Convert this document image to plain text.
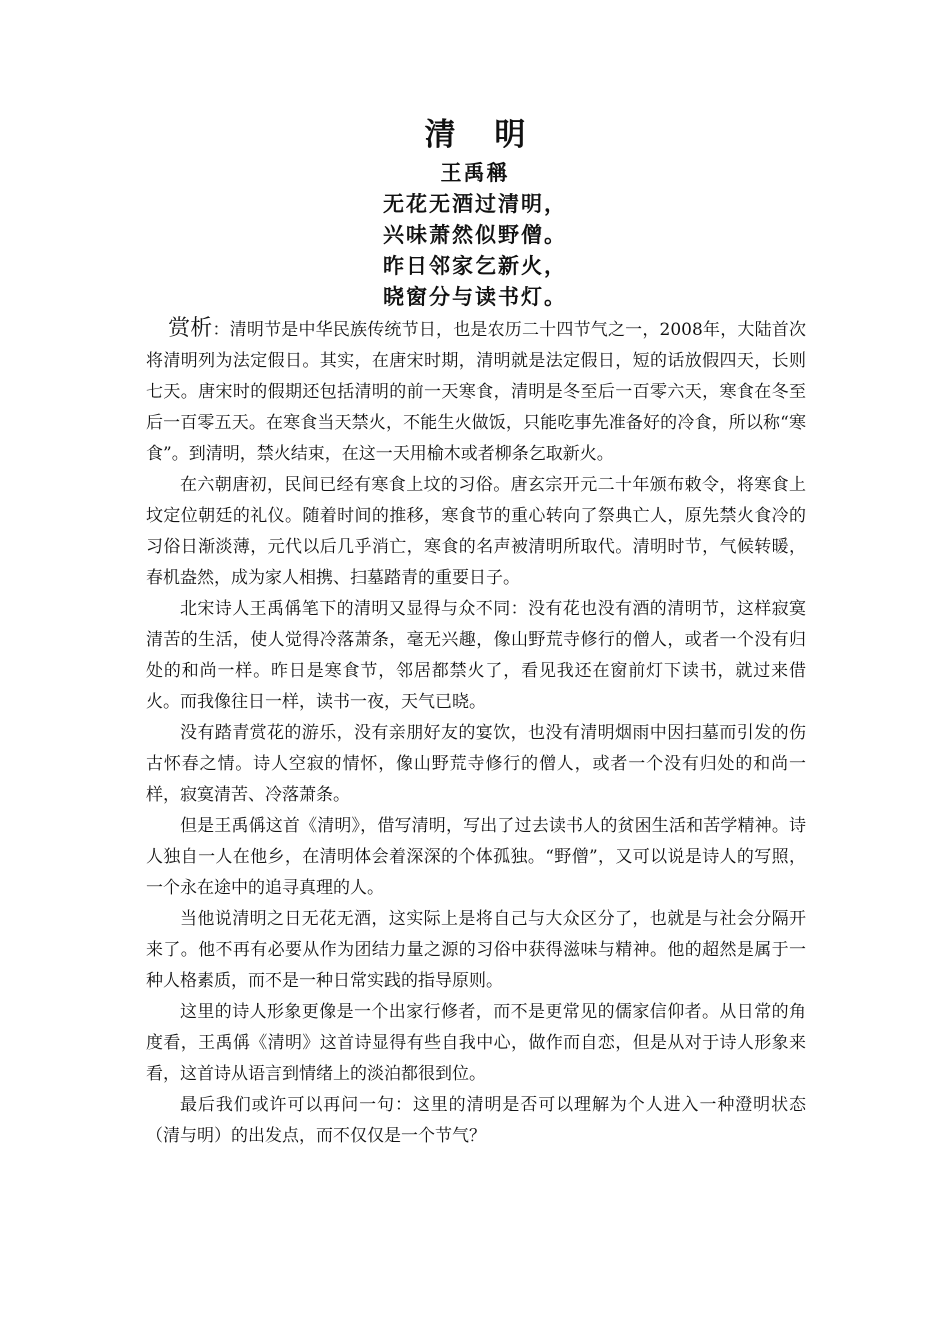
清 明

王禹稱

无花无酒过清明，

兴味萧然似野僧。

昨日邻家乞新火，

晓窗分与读书灯。

赏析：清明节是中华民族传统节日，也是农历二十四节气之一，2008年，大陆首次将清明列为法定假日。其实，在唐宋时期，清明就是法定假日，短的话放假四天，长则七天。唐宋时的假期还包括清明的前一天寒食，清明是冬至后一百零六天，寒食在冬至后一百零五天。在寒食当天禁火，不能生火做饭，只能吃事先准备好的冷食，所以称“寒食”。到清明，禁火结束，在这一天用榆木或者柳条乞取新火。

在六朝唐初，民间已经有寒食上坟的习俗。唐玄宗开元二十年颁布敕令，将寒食上坟定位朝廷的礼仪。随着时间的推移，寒食节的重心转向了祭典亡人，原先禁火食冷的习俗日渐淡薄，元代以后几乎消亡，寒食的名声被清明所取代。清明时节，气候转暖，春机盎然，成为家人相携、扫墓踏青的重要日子。

北宋诗人王禹偁笔下的清明又显得与众不同：没有花也没有酒的清明节，这样寂寞清苦的生活，使人觉得冷落萧条，毫无兴趣，像山野荒寺修行的僧人，或者一个没有归处的和尚一样。昨日是寒食节，邻居都禁火了，看见我还在窗前灯下读书，就过来借火。而我像往日一样，读书一夜，天气已晓。

没有踏青赏花的游乐，没有亲朋好友的宴饮，也没有清明烟雨中因扫墓而引发的伤古怀春之情。诗人空寂的情怀，像山野荒寺修行的僧人，或者一个没有归处的和尚一样，寂寞清苦、冷落萧条。

但是王禹偁这首《清明》，借写清明，写出了过去读书人的贫困生活和苦学精神。诗人独自一人在他乡，在清明体会着深深的个体孤独。“野僧”，又可以说是诗人的写照，一个永在途中的追寻真理的人。

当他说清明之日无花无酒，这实际上是将自己与大众区分了，也就是与社会分隔开来了。他不再有必要从作为团结力量之源的习俗中获得滋味与精神。他的超然是属于一种人格素质，而不是一种日常实践的指导原则。

这里的诗人形象更像是一个出家行修者，而不是更常见的儒家信仰者。从日常的角度看，王禹偁《清明》这首诗显得有些自我中心，做作而自恋，但是从对于诗人形象来看，这首诗从语言到情绪上的淡泊都很到位。

最后我们或许可以再问一句：这里的清明是否可以理解为个人进入一种澄明状态（清与明）的出发点，而不仅仅是一个节气？
